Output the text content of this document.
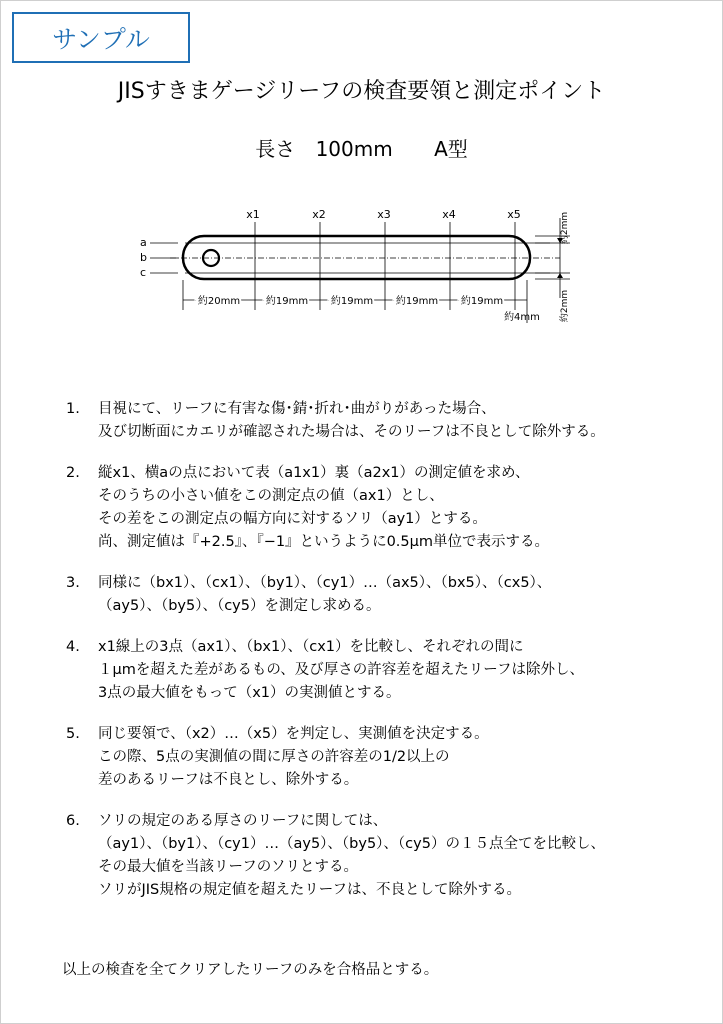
サンプル
JISすきまゲージリーフの検査要領と測定ポイント
長さ 100mm A型
x1	x2	x3	x4	x5
a
b
c
約20mm	約19mm 約19mm 約19mm 約19mm
約4mm
約2mm
約2mm
1. 目視にて、リーフに有害な傷･錆･折れ･曲がりがあった場合、
及び切断面にカエリが確認された場合は、そのリーフは不良として除外する。
2. 縦x1、横aの点において表（a1x1）裏（a2x1）の測定値を求め、
そのうちの小さい値をこの測定点の値（ax1）とし、
その差をこの測定点の幅方向に対するソリ（ay1）とする。
尚、測定値は『+2.5』、『−1』というように0.5μm単位で表示する。
3. 同様に（bx1）、（cx1）、（by1）、（cy1）…（ax5）、（bx5）、（cx5）、
（ay5）、（by5）、（cy5）を測定し求める。
4. x1線上の3点（ax1）、（bx1）、（cx1）を比較し、それぞれの間に
１μmを超えた差があるもの、及び厚さの許容差を超えたリーフは除外し、
3点の最大値をもって（x1）の実測値とする。
5. 同じ要領で、（x2）…（x5）を判定し、実測値を決定する。
この際、5点の実測値の間に厚さの許容差の1/2以上の
差のあるリーフは不良とし、除外する。
6. ソリの規定のある厚さのリーフに関しては、
（ay1）、（by1）、（cy1）…（ay5）、（by5）、（cy5）の１５点全てを比較し、
その最大値を当該リーフのソリとする。
ソリがJIS規格の規定値を超えたリーフは、不良として除外する。
以上の検査を全てクリアしたリーフのみを合格品とする。
